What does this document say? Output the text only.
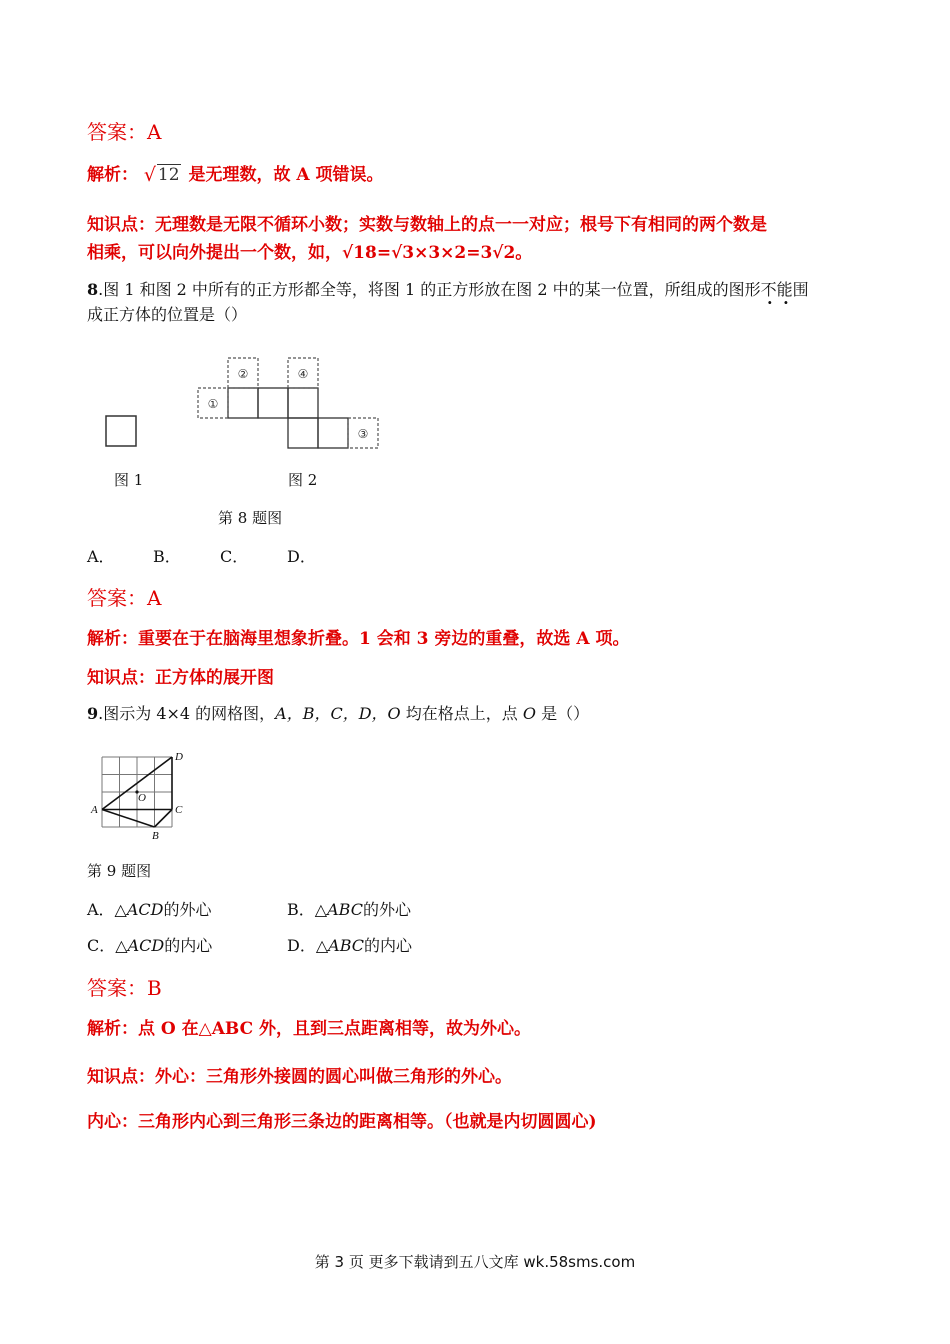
答案：A
解析： √ 12 是无理数，故 A 项错误。
知识点：无理数是无限不循环小数；实数与数轴上的点一一对应；根号下有相同的两个数是
相乘，可以向外提出一个数，如，√18=√3×3×2=3√2。
8.图 1 和图 2 中所有的正方形都全等，将图 1 的正方形放在图 2 中的某一位置，所组成的图形不能围
成正方体的位置是（）
①
②
③
④
图 1	图 2
第 8 题图
A． B． C． D．
答案：A
解析：重要在于在脑海里想象折叠。1 会和 3 旁边的重叠，故选 A 项。
知识点：正方体的展开图
9.图示为 4×4 的网格图，A，B，C，D，O 均在格点上，点 O 是（）
A
B
C
D
O
第 9 题图
A．△ACD的外心	B．△ABC的外心
C．△ACD的内心	D．△ABC的内心
答案：B
解析：点 O 在△ABC 外，且到三点距离相等，故为外心。
知识点：外心：三角形外接圆的圆心叫做三角形的外心。
内心：三角形内心到三角形三条边的距离相等。（也就是内切圆圆心)
第 3 页 更多下载请到五八文库 wk.58sms.com
